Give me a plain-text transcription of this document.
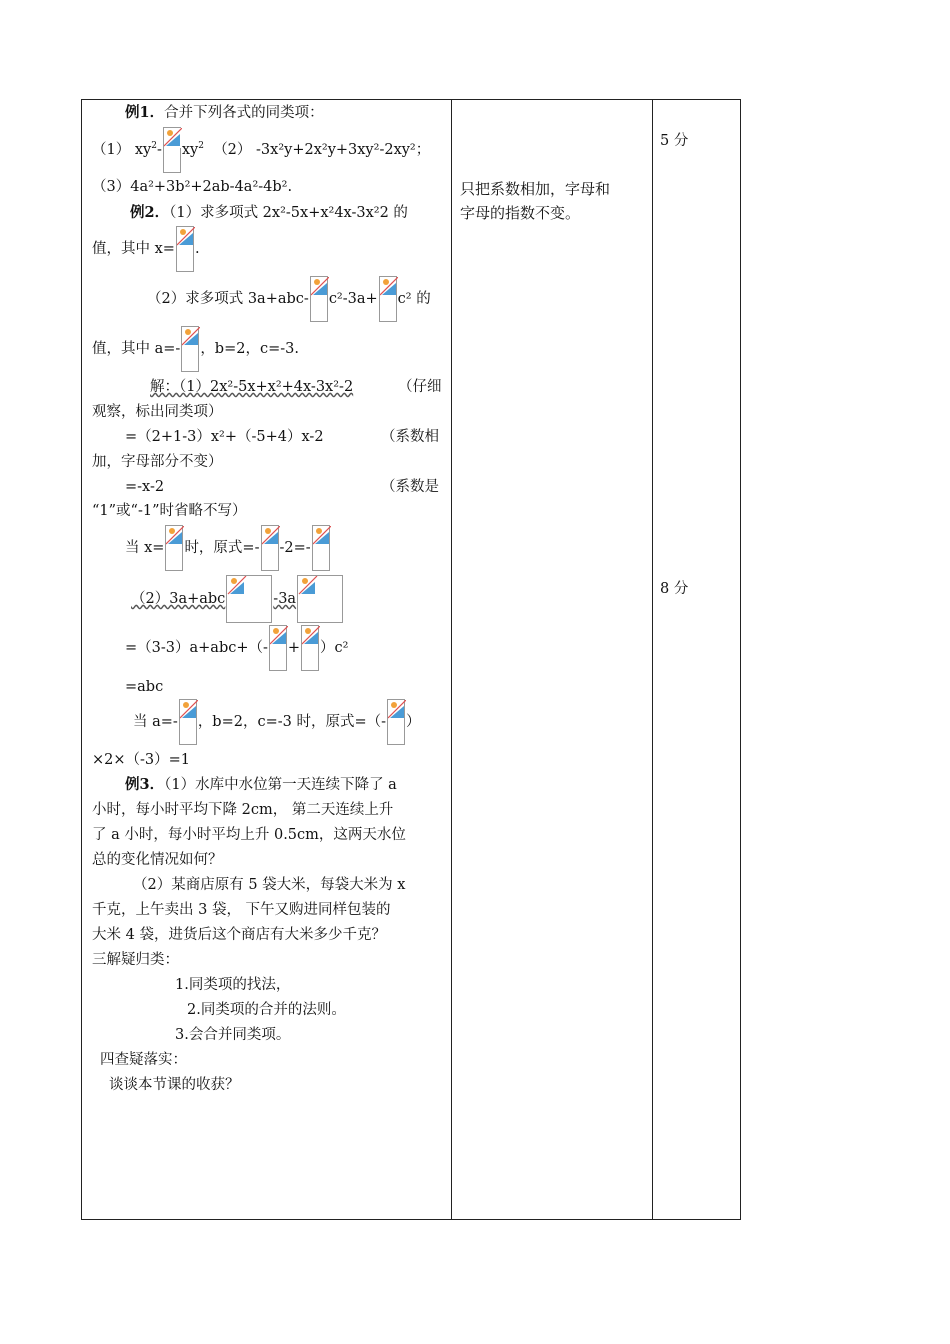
例1．合并下列各式的同类项：
（1） $xy^2-$ $xy^2$ （2） -3x²y+2x²y+3xy²-2xy²；
（3）4a²+3b²+2ab-4a²-4b².
例2．（1）求多项式 2x²-5x+x²4x-3x²2 的
值，其中 x= .
（2）求多项式 3a+abc- c²-3a+ c² 的
值，其中 a=- ，b=2，c=-3.
解：（1）2x²-5x+x²+4x-3x²-2	（仔细
观察，标出同类项）
=（2+1-3）x²+（-5+4）x-2	（系数相
加，字母部分不变）
=-x-2	（系数是
“1”或“-1”时省略不写）
当 x= 时，原式=- -2=-
（2）3a+abc	-3a
=（3-3）a+abc+（- + ）c²
=abc
当 a=- ，b=2，c=-3 时，原式=（- ）
×2×（-3）=1
例3．（1）水库中水位第一天连续下降了 a
小时，每小时平均下降 2cm， 第二天连续上升
了 a 小时，每小时平均上升 0.5cm，这两天水位
总的变化情况如何？
（2）某商店原有 5 袋大米，每袋大米为 x
千克，上午卖出 3 袋， 下午又购进同样包装的
大米 4 袋，进货后这个商店有大米多少千克？
三解疑归类：
1.同类项的找法，
2.同类项的合并的法则。
3.会合并同类项。
四查疑落实：
谈谈本节课的收获？
只把系数相加，字母和
字母的指数不变。
5 分
8 分
